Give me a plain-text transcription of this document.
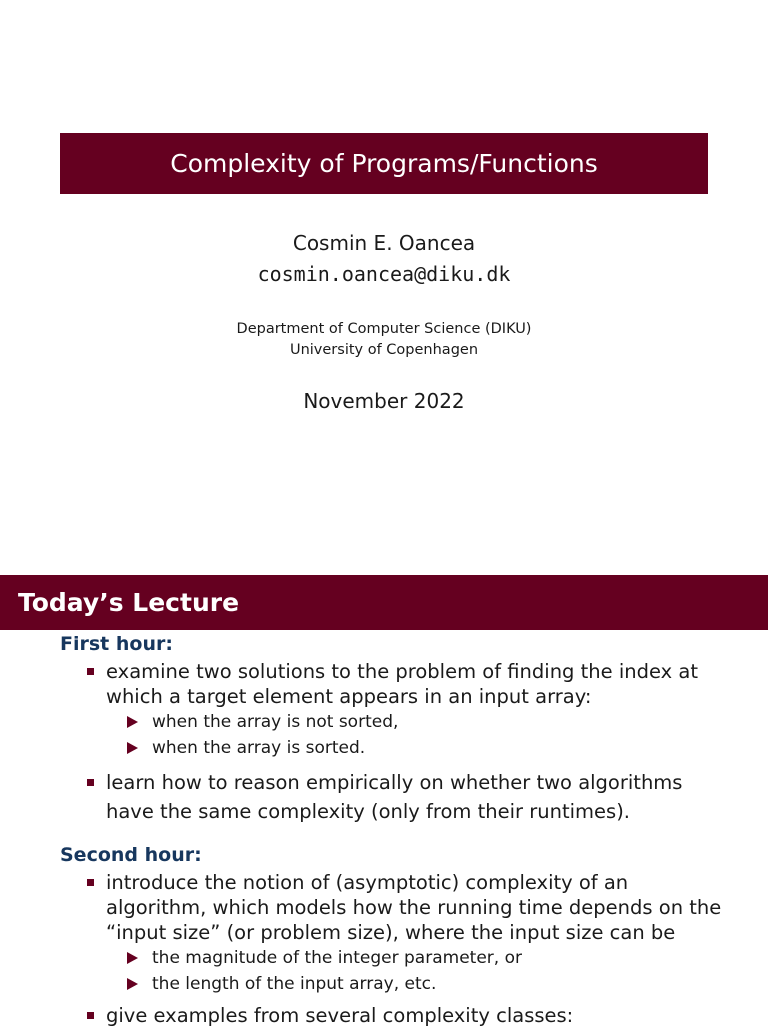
Complexity of Programs/Functions
Cosmin E. Oancea
cosmin.oancea@diku.dk
Department of Computer Science (DIKU)
University of Copenhagen
November 2022
Today’s Lecture
First hour:
examine two solutions to the problem of finding the index at which a target element appears in an input array:
when the array is not sorted,
when the array is sorted.
learn how to reason empirically on whether two algorithms have the same complexity (only from their runtimes).
Second hour:
introduce the notion of (asymptotic) complexity of an algorithm, which models how the running time depends on the “input size” (or problem size), where the input size can be
the magnitude of the integer parameter, or
the length of the input array, etc.
give examples from several complexity classes:
